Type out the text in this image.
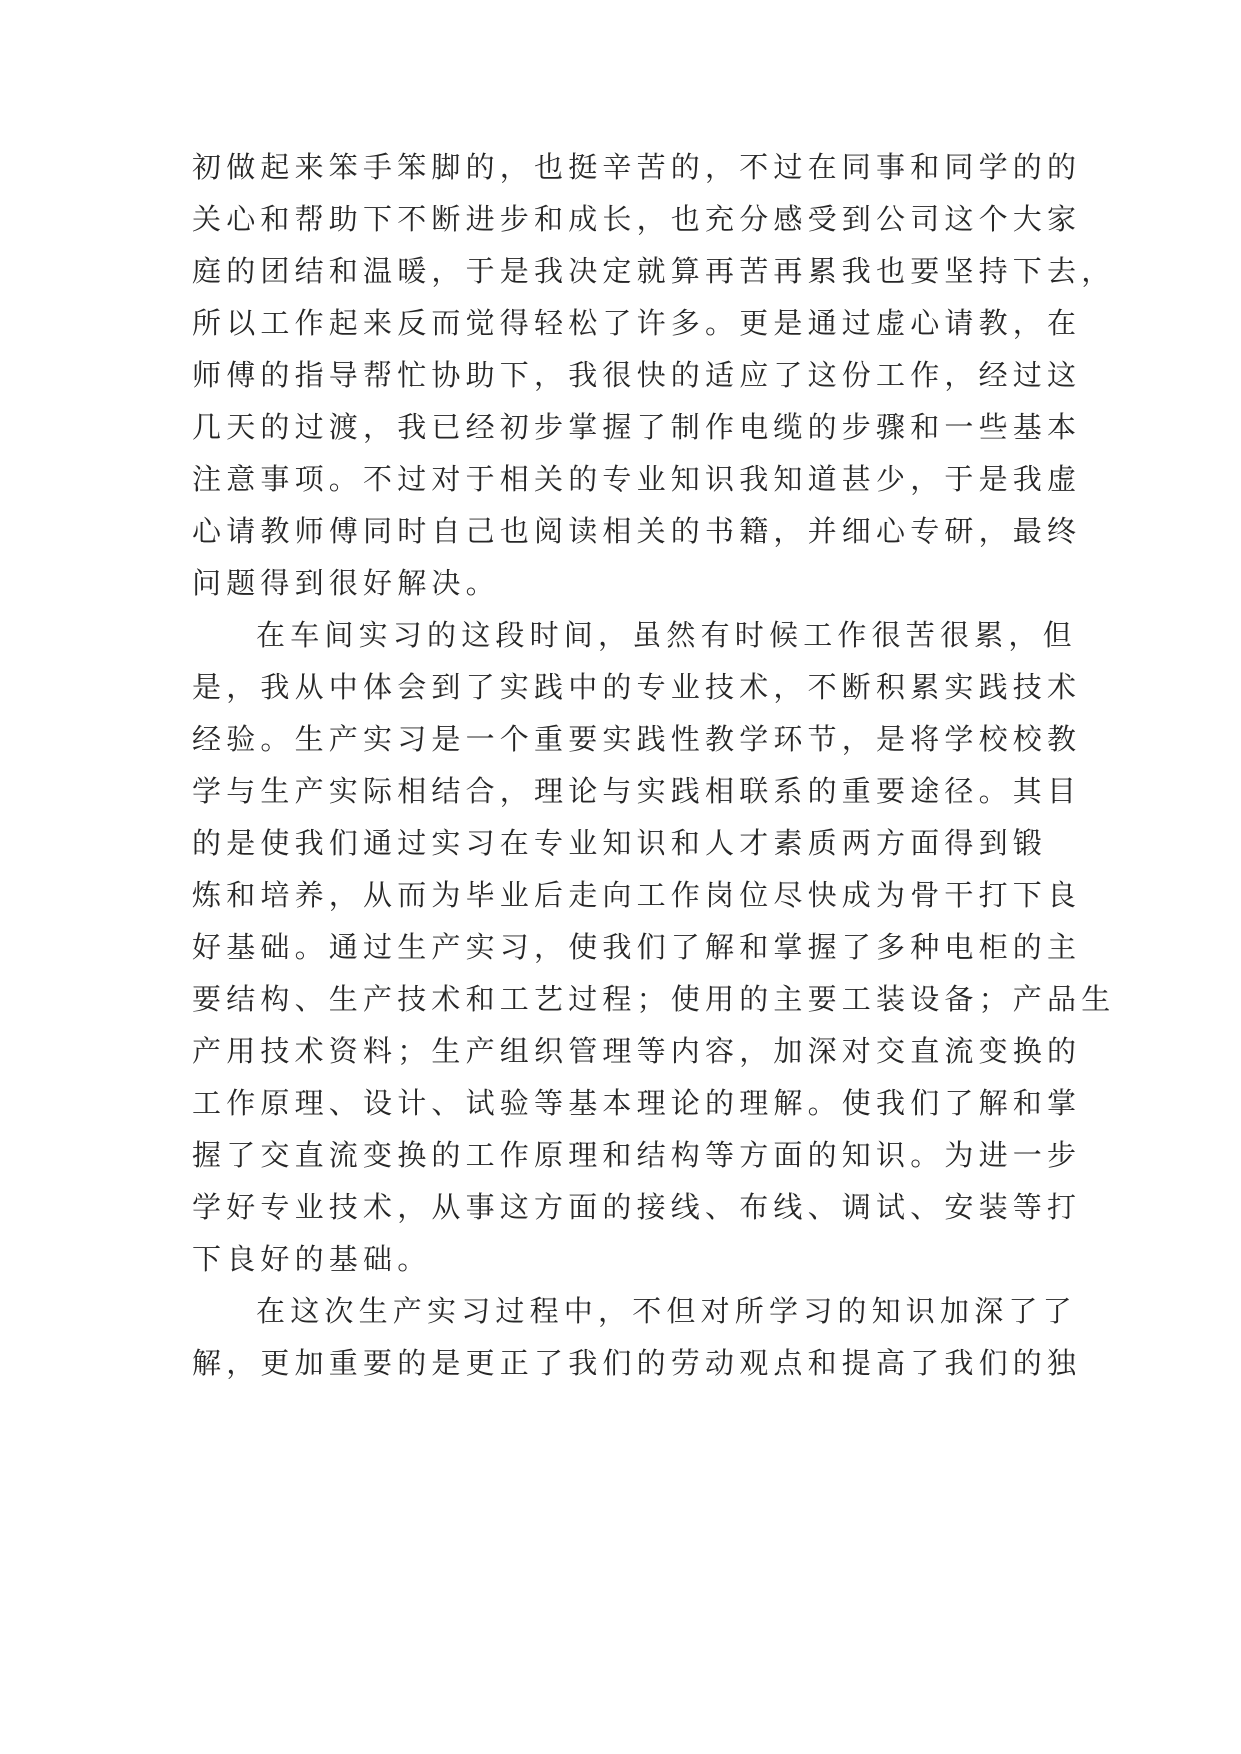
初做起来笨手笨脚的，也挺辛苦的，不过在同事和同学的的
关心和帮助下不断进步和成长，也充分感受到公司这个大家
庭的团结和温暖，于是我决定就算再苦再累我也要坚持下去，
所以工作起来反而觉得轻松了许多。更是通过虚心请教，在
师傅的指导帮忙协助下，我很快的适应了这份工作，经过这
几天的过渡，我已经初步掌握了制作电缆的步骤和一些基本
注意事项。不过对于相关的专业知识我知道甚少，于是我虚
心请教师傅同时自己也阅读相关的书籍，并细心专研，最终
问题得到很好解决。
在车间实习的这段时间，虽然有时候工作很苦很累，但
是，我从中体会到了实践中的专业技术，不断积累实践技术
经验。生产实习是一个重要实践性教学环节，是将学校校教
学与生产实际相结合，理论与实践相联系的重要途径。其目
的是使我们通过实习在专业知识和人才素质两方面得到锻
炼和培养，从而为毕业后走向工作岗位尽快成为骨干打下良
好基础。通过生产实习，使我们了解和掌握了多种电柜的主
要结构、生产技术和工艺过程；使用的主要工装设备；产品生
产用技术资料；生产组织管理等内容，加深对交直流变换的
工作原理、设计、试验等基本理论的理解。使我们了解和掌
握了交直流变换的工作原理和结构等方面的知识。为进一步
学好专业技术，从事这方面的接线、布线、调试、安装等打
下良好的基础。
在这次生产实习过程中，不但对所学习的知识加深了了
解，更加重要的是更正了我们的劳动观点和提高了我们的独
